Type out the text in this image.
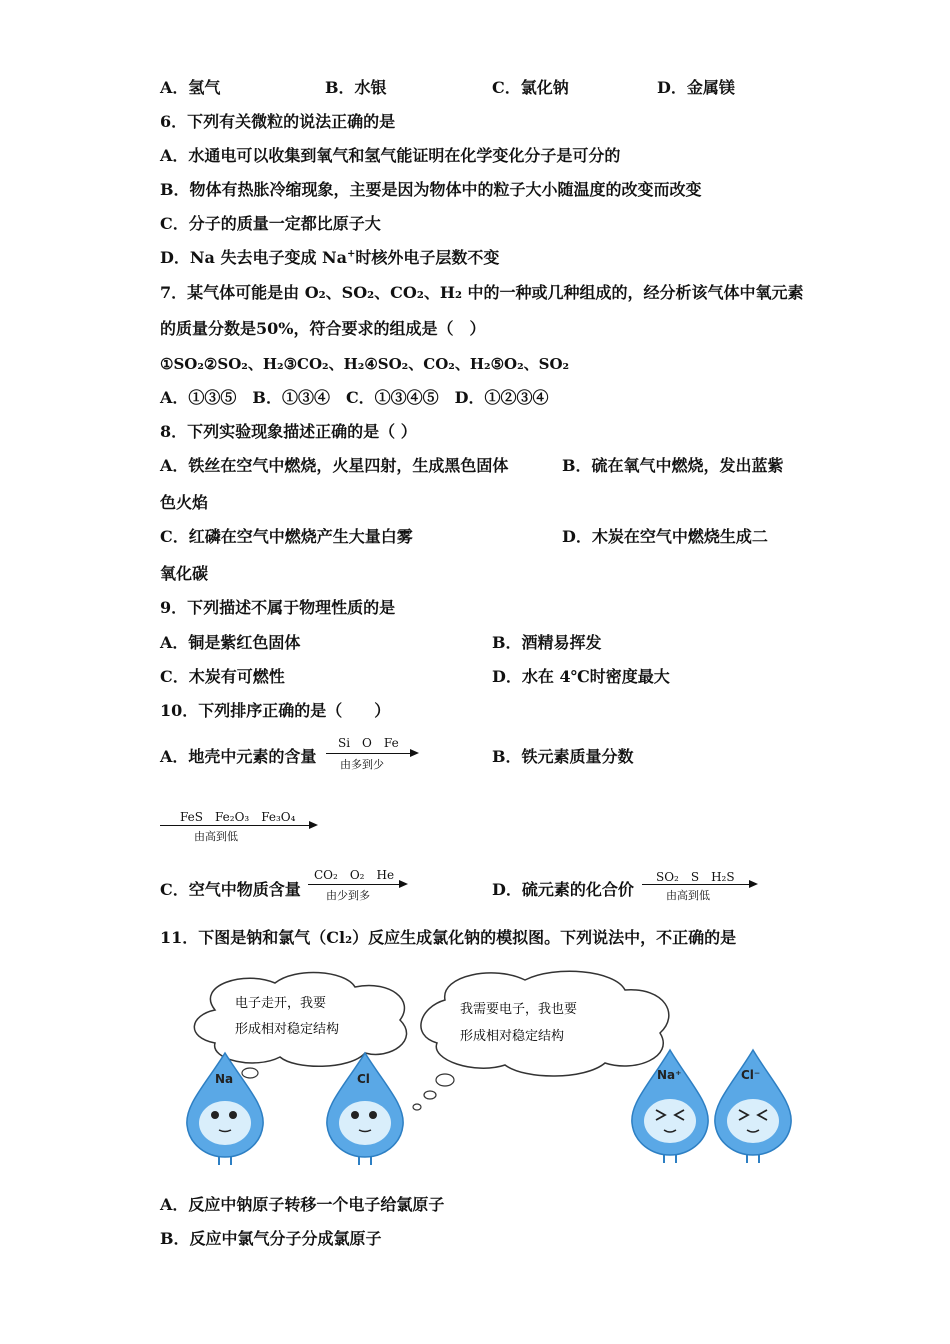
A．氢气	B．水银	C．氯化钠	D．金属镁
6．下列有关微粒的说法正确的是
A．水通电可以收集到氧气和氢气能证明在化学变化分子是可分的
B．物体有热胀冷缩现象，主要是因为物体中的粒子大小随温度的改变而改变
C．分子的质量一定都比原子大
D．Na 失去电子变成 Na+时核外电子层数不变
7．某气体可能是由 O₂、SO₂、CO₂、H₂ 中的一种或几种组成的，经分析该气体中氧元素
的质量分数是50%，符合要求的组成是（　）
①SO₂②SO₂、H₂③CO₂、H₂④SO₂、CO₂、H₂⑤O₂、SO₂
A．①③⑤　B．①③④　C．①③④⑤　D．①②③④
8．下列实验现象描述正确的是（ ）
A．铁丝在空气中燃烧，火星四射，生成黑色固体	B．硫在氧气中燃烧，发出蓝紫
色火焰
C．红磷在空气中燃烧产生大量白雾	D．木炭在空气中燃烧生成二
氧化碳
9．下列描述不属于物理性质的是
A．铜是紫红色固体	B．酒精易挥发
C．木炭有可燃性	D．水在 4℃时密度最大
10．下列排序正确的是（　　）
A．地壳中元素的含量
Si　O　Fe
由多到少	B．铁元素质量分数
FeS　Fe₂O₃　Fe₃O₄
由高到低
C．空气中物质含量
CO₂　O₂　He
由少到多	D．硫元素的化合价
SO₂　S　H₂S
由高到低
11．下图是钠和氯气（Cl₂）反应生成氯化钠的模拟图。下列说法中，不正确的是
电子走开，我要
形成相对稳定结构
我需要电子，我也要
形成相对稳定结构
Na	Cl	Na⁺	Cl⁻
A．反应中钠原子转移一个电子给氯原子
B．反应中氯气分子分成氯原子
